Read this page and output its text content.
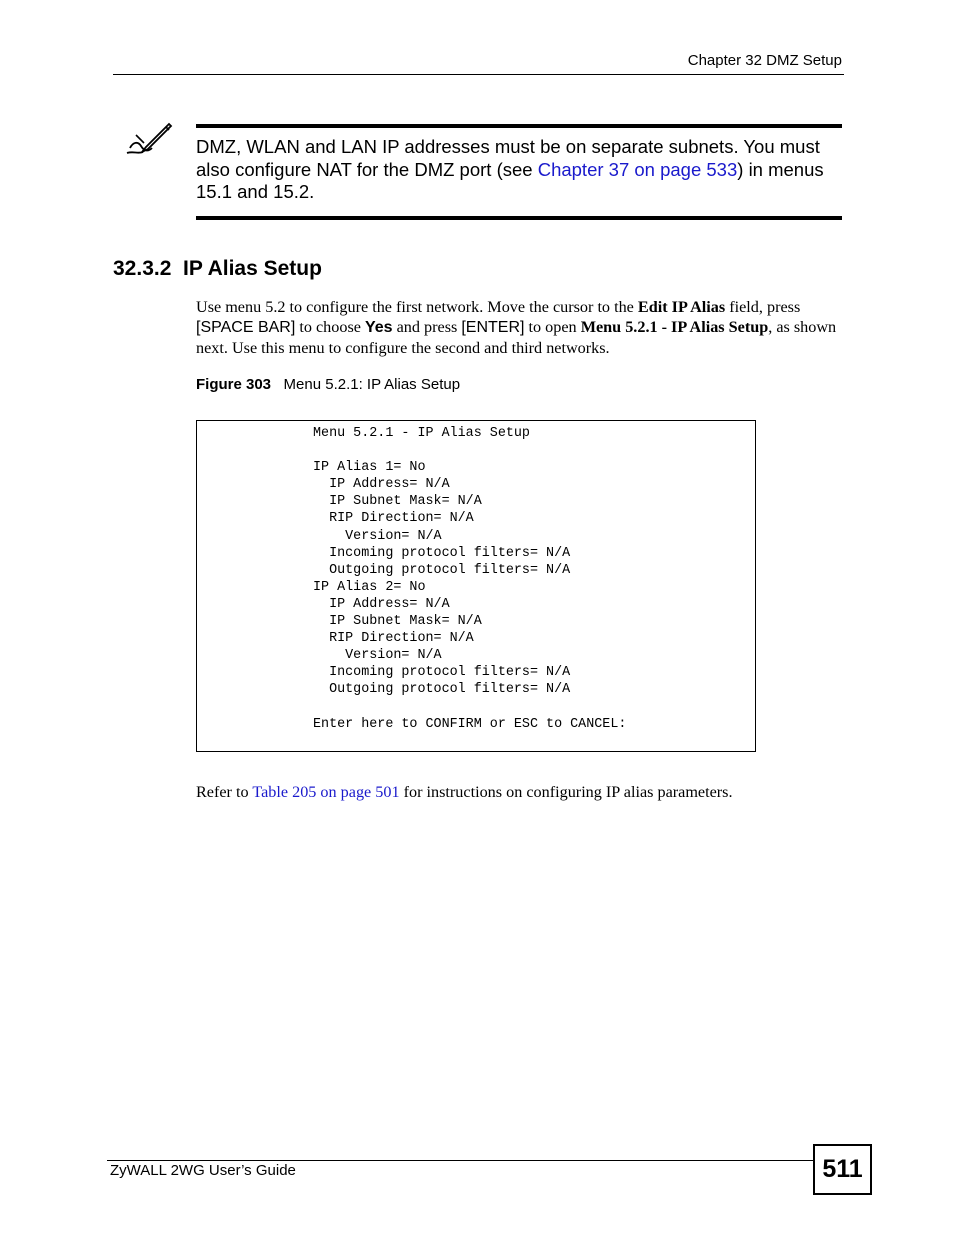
Chapter 32 DMZ Setup
DMZ, WLAN and LAN IP addresses must be on separate subnets. You must also configure NAT for the DMZ port (see Chapter 37 on page 533) in menus 15.1 and 15.2.
32.3.2  IP Alias Setup
Use menu 5.2 to configure the first network. Move the cursor to the Edit IP Alias field, press [SPACE BAR] to choose Yes and press [ENTER] to open Menu 5.2.1 - IP Alias Setup, as shown next. Use this menu to configure the second and third networks.
Figure 303 Menu 5.2.1: IP Alias Setup
Menu 5.2.1 - IP Alias Setup
IP Alias 1= No
IP Address= N/A
IP Subnet Mask= N/A
RIP Direction= N/A
Version= N/A
Incoming protocol filters= N/A
Outgoing protocol filters= N/A
IP Alias 2= No
IP Address= N/A
IP Subnet Mask= N/A
RIP Direction= N/A
Version= N/A
Incoming protocol filters= N/A
Outgoing protocol filters= N/A
Enter here to CONFIRM or ESC to CANCEL:
Refer to Table 205 on page 501 for instructions on configuring IP alias parameters.
ZyWALL 2WG User’s Guide	511
